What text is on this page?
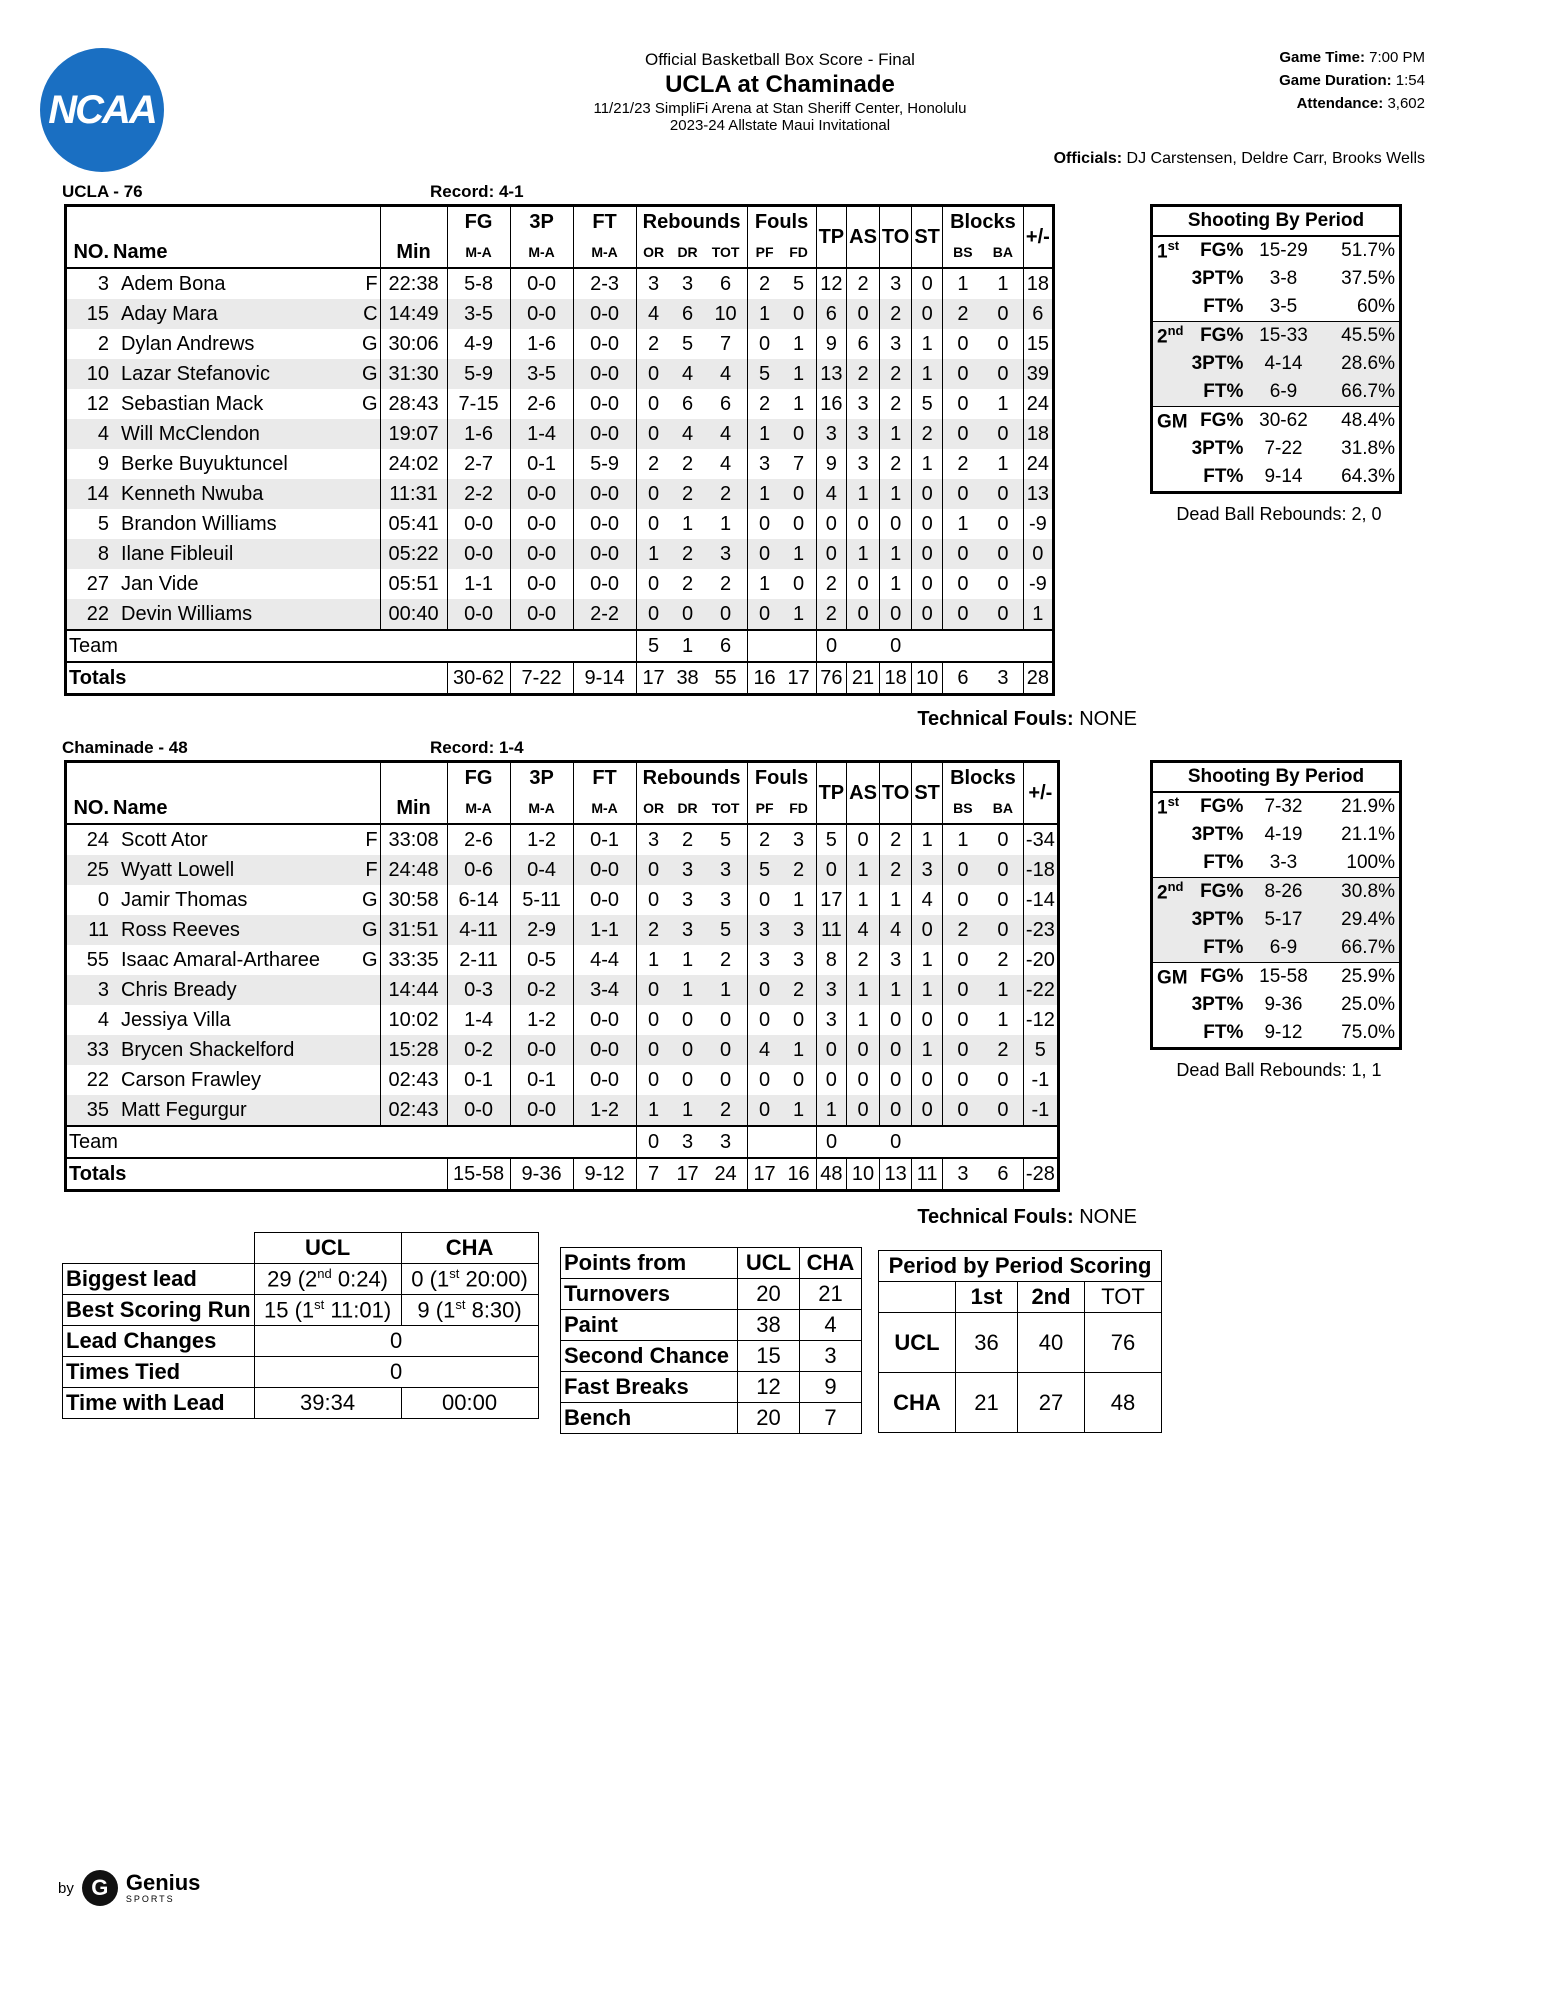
NCAA
®
Official Basketball Box Score - Final
UCLA at Chaminade
11/21/23 SimpliFi Arena at Stan Sheriff Center, Honolulu
2023-24 Allstate Maui Invitational
Game Time: 7:00 PM
Game Duration: 1:54
Attendance: 3,602
Officials: DJ Carstensen, Deldre Carr, Brooks Wells
UCLA - 76	Record: 4-1
				FG	3P	FT	Rebounds			Fouls		TP	AS	TO	ST	Blocks		+/-
NO.	Name		Min	M-A	M-A	M-A	OR	DR	TOT	PF	FD					BS	BA	
3	Adem Bona	F	22:38	5-8	0-0	2-3	3	3	6	2	5	12	2	3	0	1	1	18
15	Aday Mara	C	14:49	3-5	0-0	0-0	4	6	10	1	0	6	0	2	0	2	0	6
2	Dylan Andrews	G	30:06	4-9	1-6	0-0	2	5	7	0	1	9	6	3	1	0	0	15
10	Lazar Stefanovic	G	31:30	5-9	3-5	0-0	0	4	4	5	1	13	2	2	1	0	0	39
12	Sebastian Mack	G	28:43	7-15	2-6	0-0	0	6	6	2	1	16	3	2	5	0	1	24
4	Will McClendon		19:07	1-6	1-4	0-0	0	4	4	1	0	3	3	1	2	0	0	18
9	Berke Buyuktuncel		24:02	2-7	0-1	5-9	2	2	4	3	7	9	3	2	1	2	1	24
14	Kenneth Nwuba		11:31	2-2	0-0	0-0	0	2	2	1	0	4	1	1	0	0	0	13
5	Brandon Williams		05:41	0-0	0-0	0-0	0	1	1	0	0	0	0	0	0	1	0	-9
8	Ilane Fibleuil		05:22	0-0	0-0	0-0	1	2	3	0	1	0	1	1	0	0	0	0
27	Jan Vide		05:51	1-1	0-0	0-0	0	2	2	1	0	2	0	1	0	0	0	-9
22	Devin Williams		00:40	0-0	0-0	2-2	0	0	0	0	1	2	0	0	0	0	0	1
Team							5	1	6			0		0				
Totals				30-62	7-22	9-14	17	38	55	16	17	76	21	18	10	6	3	28
Technical Fouls: NONE
Shooting By Period			
1st	FG%	15-29	51.7%
	3PT%	3-8	37.5%
	FT%	3-5	60%
2nd	FG%	15-33	45.5%
	3PT%	4-14	28.6%
	FT%	6-9	66.7%
GM	FG%	30-62	48.4%
	3PT%	7-22	31.8%
	FT%	9-14	64.3%
Dead Ball Rebounds: 2, 0
Chaminade - 48	Record: 1-4
				FG	3P	FT	Rebounds			Fouls		TP	AS	TO	ST	Blocks		+/-
NO.	Name		Min	M-A	M-A	M-A	OR	DR	TOT	PF	FD					BS	BA	
24	Scott Ator	F	33:08	2-6	1-2	0-1	3	2	5	2	3	5	0	2	1	1	0	-34
25	Wyatt Lowell	F	24:48	0-6	0-4	0-0	0	3	3	5	2	0	1	2	3	0	0	-18
0	Jamir Thomas	G	30:58	6-14	5-11	0-0	0	3	3	0	1	17	1	1	4	0	0	-14
11	Ross Reeves	G	31:51	4-11	2-9	1-1	2	3	5	3	3	11	4	4	0	2	0	-23
55	Isaac Amaral-Artharee	G	33:35	2-11	0-5	4-4	1	1	2	3	3	8	2	3	1	0	2	-20
3	Chris Bready		14:44	0-3	0-2	3-4	0	1	1	0	2	3	1	1	1	0	1	-22
4	Jessiya Villa		10:02	1-4	1-2	0-0	0	0	0	0	0	3	1	0	0	0	1	-12
33	Brycen Shackelford		15:28	0-2	0-0	0-0	0	0	0	4	1	0	0	0	1	0	2	5
22	Carson Frawley		02:43	0-1	0-1	0-0	0	0	0	0	0	0	0	0	0	0	0	-1
35	Matt Fegurgur		02:43	0-0	0-0	1-2	1	1	2	0	1	1	0	0	0	0	0	-1
Team							0	3	3			0		0				
Totals				15-58	9-36	9-12	7	17	24	17	16	48	10	13	11	3	6	-28
Technical Fouls: NONE
Shooting By Period			
1st	FG%	7-32	21.9%
	3PT%	4-19	21.1%
	FT%	3-3	100%
2nd	FG%	8-26	30.8%
	3PT%	5-17	29.4%
	FT%	6-9	66.7%
GM	FG%	15-58	25.9%
	3PT%	9-36	25.0%
	FT%	9-12	75.0%
Dead Ball Rebounds: 1, 1
	UCL	CHA
Biggest lead	29 (2nd 0:24)	0 (1st 20:00)
Best Scoring Run	15 (1st 11:01)	9 (1st 8:30)
Lead Changes	0	
Times Tied	0	
Time with Lead	39:34	00:00
Points from	UCL	CHA
Turnovers	20	21
Paint	38	4
Second Chance	15	3
Fast Breaks	12	9
Bench	20	7
Period by Period Scoring			
	1st	2nd	TOT
UCL	36	40	76
CHA	21	27	48
by G Genius
SPORTS
